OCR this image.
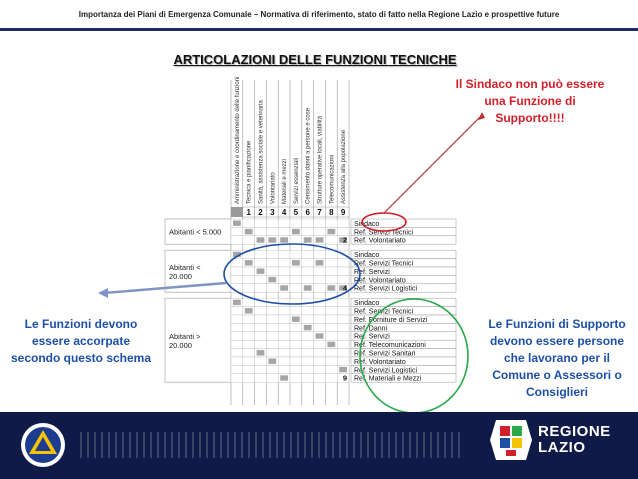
Importanza dei Piani di Emergenza Comunale – Normativa di riferimento, stato di fatto nella Regione Lazio e prospettive future
ARTICOLAZIONI DELLE FUNZIONI TECNICHE
Amministrazione e coordinamento delle funzioni Tecnica e pianificazione Sanità, assistenza sociale e veterinaria Volontariato Materiali e mezzi Servizi essenziali Censimento danni a persone e cose Strutture operative locali, viabilità Telecomunicazioni Assistenza alla popolazione
1 2 3 4 5 6 7 8 9
Abitanti < 5.000
Sindaco
Ref. Servizi Tecnici
2 Ref. Volontariato
Abitanti <
20.000
Sindaco
Ref. Servizi Tecnici
Ref. Servizi
Ref. Volontariato
4 Ref. Servizi Logistici
Abitanti >
20.000
Sindaco
Ref. Servizi Tecnici
Ref. Forniture di Servizi
Ref. Danni
Ref. Servizi
Ref. Telecomunicazioni
Ref. Servizi Sanitari
Ref. Volontariato
Ref. Servizi Logistici
9 Ref. Materiali e Mezzi
Il Sindaco non può essere una Funzione di Supporto!!!!
Le Funzioni devono essere accorpate secondo questo schema
Le Funzioni di Supporto devono essere persone che lavorano per il Comune o Assessori o Consiglieri
REGIONE
LAZIO
